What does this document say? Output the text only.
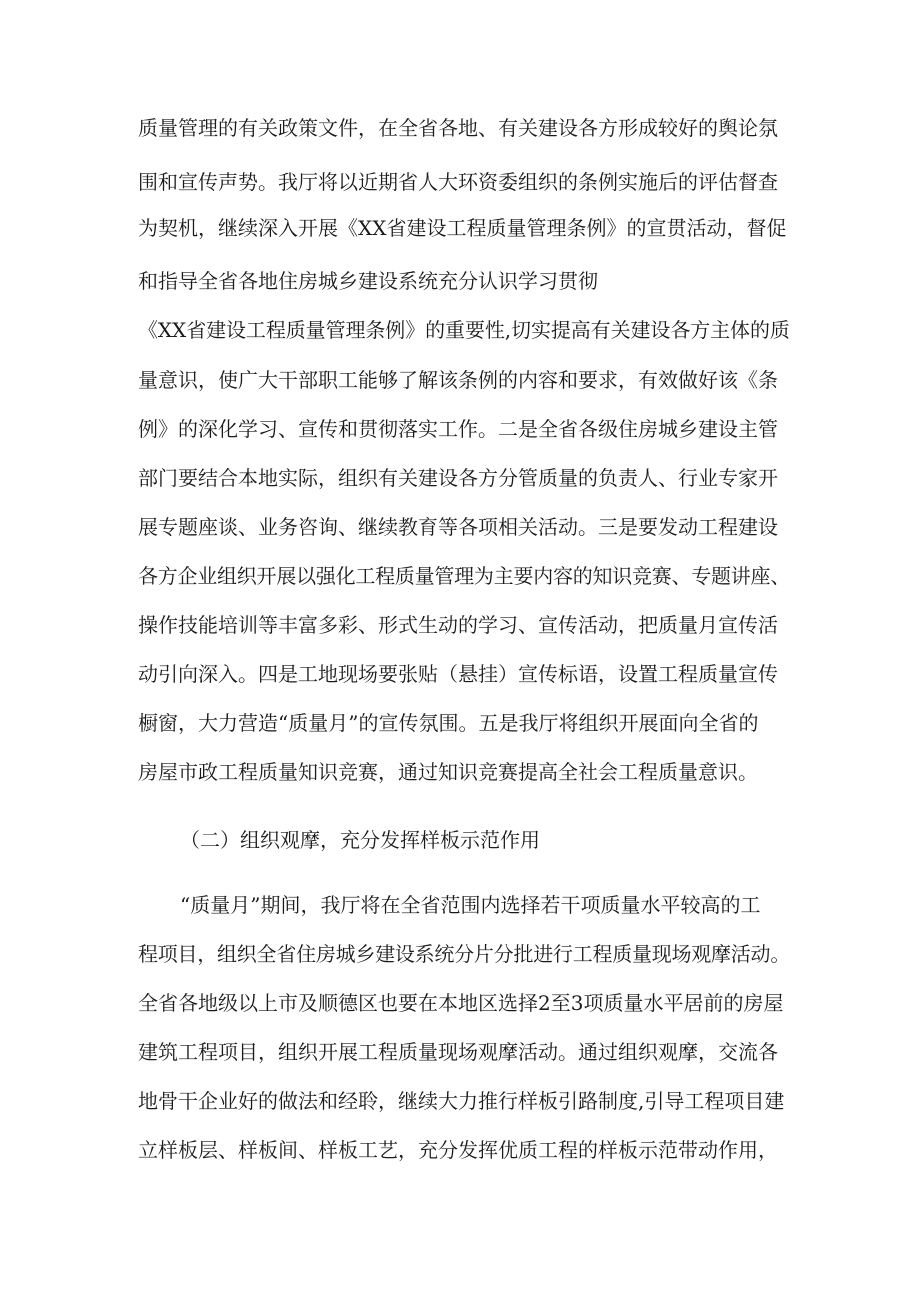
质量管理的有关政策文件，在全省各地、有关建设各方形成较好的舆论氛
围和宣传声势。我厅将以近期省人大环资委组织的条例实施后的评估督查
为契机，继续深入开展《XX省建设工程质量管理条例》的宣贯活动，督促
和指导全省各地住房城乡建设系统充分认识学习贯彻
《XX省建设工程质量管理条例》的重要性,切实提高有关建设各方主体的质
量意识，使广大干部职工能够了解该条例的内容和要求，有效做好该《条
例》的深化学习、宣传和贯彻落实工作。二是全省各级住房城乡建设主管
部门要结合本地实际，组织有关建设各方分管质量的负责人、行业专家开
展专题座谈、业务咨询、继续教育等各项相关活动。三是要发动工程建设
各方企业组织开展以强化工程质量管理为主要内容的知识竞赛、专题讲座、
操作技能培训等丰富多彩、形式生动的学习、宣传活动，把质量月宣传活
动引向深入。四是工地现场要张贴（悬挂）宣传标语，设置工程质量宣传
橱窗，大力营造“质量月”的宣传氛围。五是我厅将组织开展面向全省的
房屋市政工程质量知识竞赛，通过知识竞赛提高全社会工程质量意识。
（二）组织观摩，充分发挥样板示范作用
“质量月”期间，我厅将在全省范围内选择若干项质量水平较高的工
程项目，组织全省住房城乡建设系统分片分批进行工程质量现场观摩活动。
全省各地级以上市及顺德区也要在本地区选择2至3项质量水平居前的房屋
建筑工程项目，组织开展工程质量现场观摩活动。通过组织观摩，交流各
地骨干企业好的做法和经聆，继续大力推行样板引路制度,引导工程项目建
立样板层、样板间、样板工艺，充分发挥优质工程的样板示范带动作用，
